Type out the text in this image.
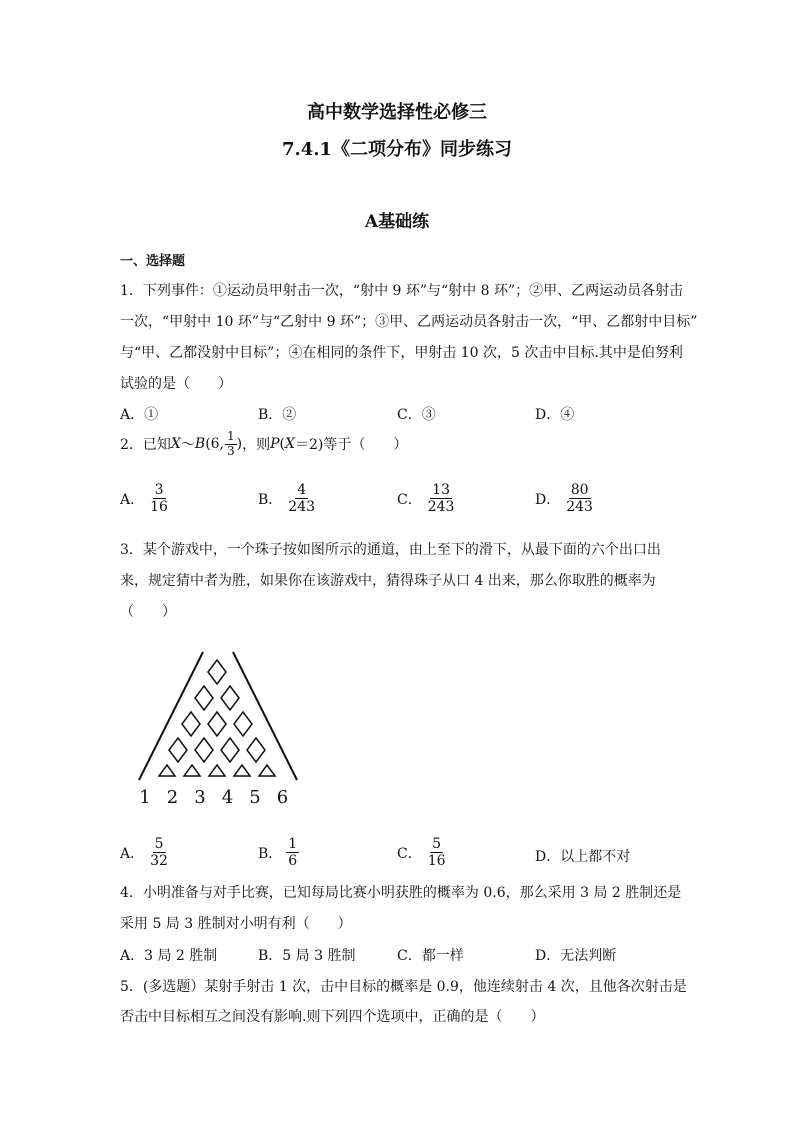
高中数学选择性必修三
7.4.1《二项分布》同步练习
A基础练
一、选择题
1．下列事件：①运动员甲射击一次，“射中 9 环”与“射中 8 环”；②甲、乙两运动员各射击
一次，“甲射中 10 环”与“乙射中 9 环”；③甲、乙两运动员各射击一次，“甲、乙都射中目标”
与“甲、乙都没射中目标”；④在相同的条件下，甲射击 10 次，5 次击中目标.其中是伯努利
试验的是（　　）
A．①	B．②	C．③	D．④
2．已知 X ～ B (6, $\frac{1}{3}$ ) ，则 P ( X ＝2) 等于（　　）
A． $\frac{3}{16}$	B． $\frac{4}{243}$	C． $\frac{13}{243}$	D． $\frac{80}{243}$
3．某个游戏中，一个珠子按如图所示的通道，由上至下的滑下，从最下面的六个出口出
来，规定猜中者为胜，如果你在该游戏中，猜得珠子从口 4 出来，那么你取胜的概率为
（　　）
1 2 3 4 5 6
A． $\frac{5}{32}$	B． $\frac{1}{6}$	C． $\frac{5}{16}$	D．以上都不对
4．小明准备与对手比赛，已知每局比赛小明获胜的概率为 0.6，那么采用 3 局 2 胜制还是
采用 5 局 3 胜制对小明有利（　　）
A．3 局 2 胜制	B．5 局 3 胜制	C．都一样	D．无法判断
5．(多选题）某射手射击 1 次，击中目标的概率是 0.9，他连续射击 4 次，且他各次射击是
否击中目标相互之间没有影响.则下列四个选项中，正确的是（　　）
